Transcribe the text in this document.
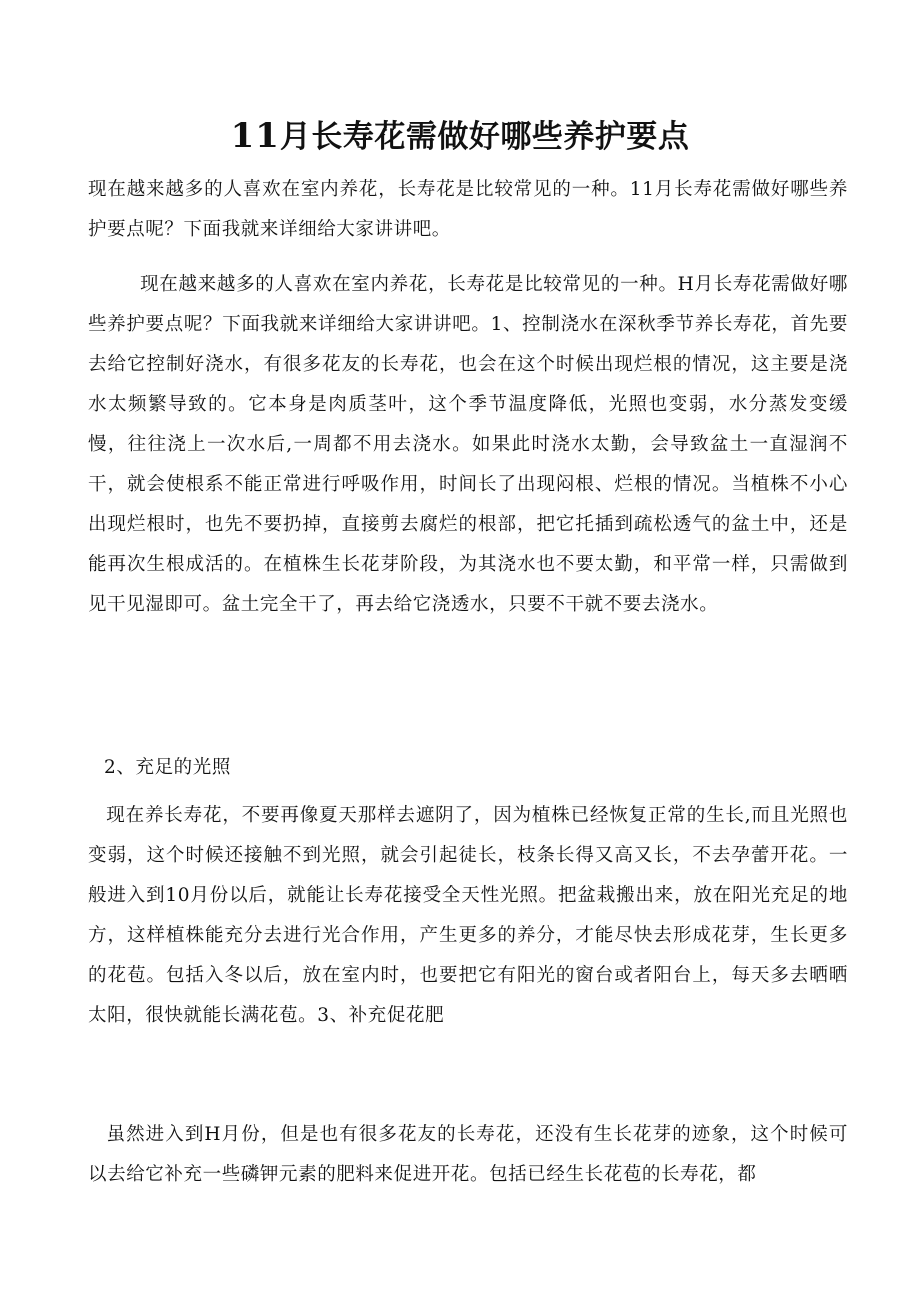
11月长寿花需做好哪些养护要点

现在越来越多的人喜欢在室内养花，长寿花是比较常见的一种。11月长寿花需做好哪些养护要点呢？下面我就来详细给大家讲讲吧。

现在越来越多的人喜欢在室内养花，长寿花是比较常见的一种。H月长寿花需做好哪些养护要点呢？下面我就来详细给大家讲讲吧。1、控制浇水在深秋季节养长寿花，首先要去给它控制好浇水，有很多花友的长寿花，也会在这个时候出现烂根的情况，这主要是浇水太频繁导致的。它本身是肉质茎叶，这个季节温度降低，光照也变弱，水分蒸发变缓慢，往往浇上一次水后,一周都不用去浇水。如果此时浇水太勤，会导致盆土一直湿润不干，就会使根系不能正常进行呼吸作用，时间长了出现闷根、烂根的情况。当植株不小心出现烂根时，也先不要扔掉，直接剪去腐烂的根部，把它托插到疏松透气的盆土中，还是能再次生根成活的。在植株生长花芽阶段，为其浇水也不要太勤，和平常一样，只需做到见干见湿即可。盆土完全干了，再去给它浇透水，只要不干就不要去浇水。

2、充足的光照

现在养长寿花，不要再像夏天那样去遮阴了，因为植株已经恢复正常的生长,而且光照也变弱，这个时候还接触不到光照，就会引起徒长，枝条长得又高又长，不去孕蕾开花。一般进入到10月份以后，就能让长寿花接受全天性光照。把盆栽搬出来，放在阳光充足的地方，这样植株能充分去进行光合作用，产生更多的养分，才能尽快去形成花芽，生长更多的花苞。包括入冬以后，放在室内时，也要把它有阳光的窗台或者阳台上，每天多去晒晒太阳，很快就能长满花苞。3、补充促花肥

虽然进入到H月份，但是也有很多花友的长寿花，还没有生长花芽的迹象，这个时候可以去给它补充一些磷钾元素的肥料来促进开花。包括已经生长花苞的长寿花，都
